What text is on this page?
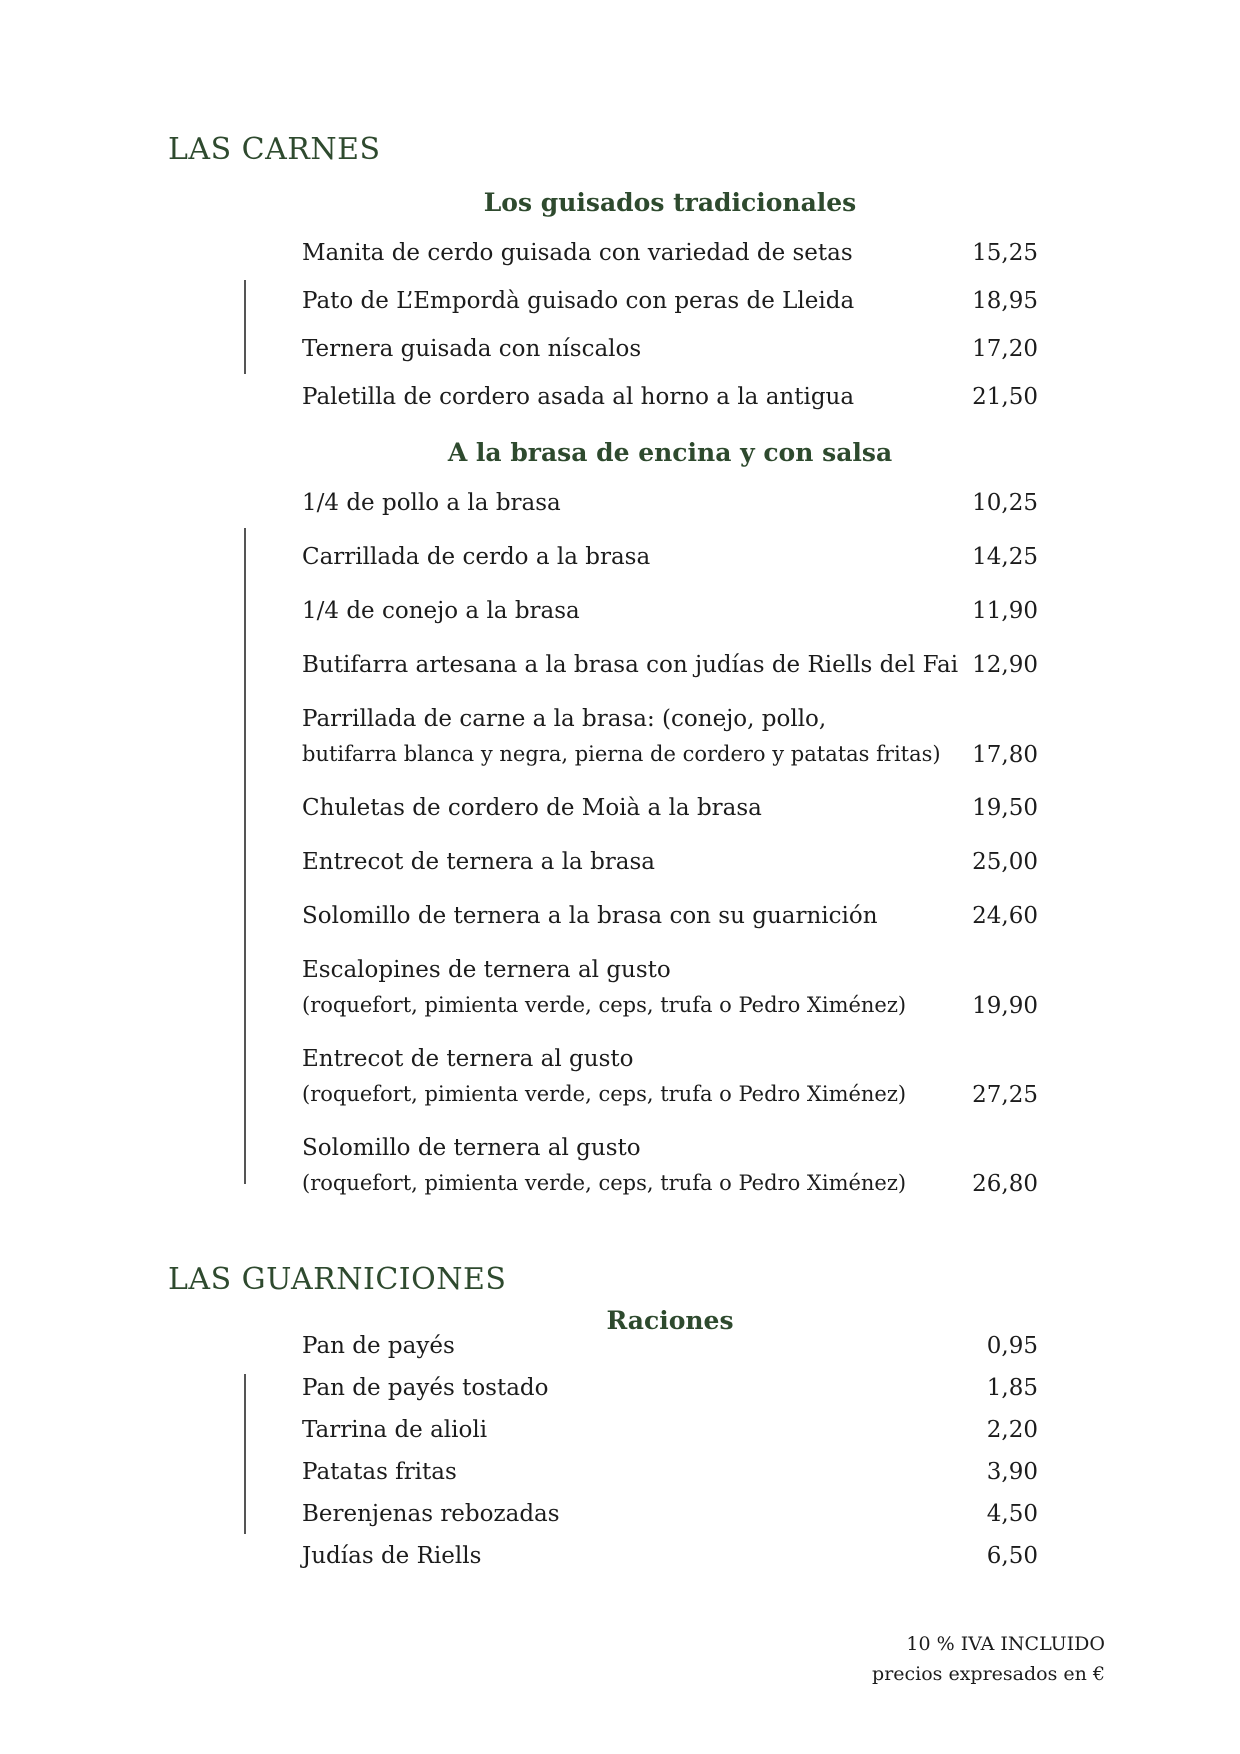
LAS CARNES
Los guisados tradicionales
Manita de cerdo guisada con variedad de setas	15,25
Pato de L’Empordà guisado con peras de Lleida	18,95
Ternera guisada con níscalos	17,20
Paletilla de cordero asada al horno a la antigua	21,50
A la brasa de encina y con salsa
1/4 de pollo a la brasa	10,25
Carrillada de cerdo a la brasa	14,25
1/4 de conejo a la brasa	11,90
Butifarra artesana a la brasa con judías de Riells del Fai 12,90
Parrillada de carne a la brasa: (conejo, pollo,
butifarra blanca y negra, pierna de cordero y patatas fritas) 17,80
Chuletas de cordero de Moià a la brasa	19,50
Entrecot de ternera a la brasa	25,00
Solomillo de ternera a la brasa con su guarnición	24,60
Escalopines de ternera al gusto
(roquefort, pimienta verde, ceps, trufa o Pedro Ximénez)	19,90
Entrecot de ternera al gusto
(roquefort, pimienta verde, ceps, trufa o Pedro Ximénez)	27,25
Solomillo de ternera al gusto
(roquefort, pimienta verde, ceps, trufa o Pedro Ximénez)	26,80
LAS GUARNICIONES
Raciones
Pan de payés	0,95
Pan de payés tostado	1,85
Tarrina de alioli	2,20
Patatas fritas	3,90
Berenjenas rebozadas	4,50
Judías de Riells	6,50
10 % IVA INCLUIDO
precios expresados en €
